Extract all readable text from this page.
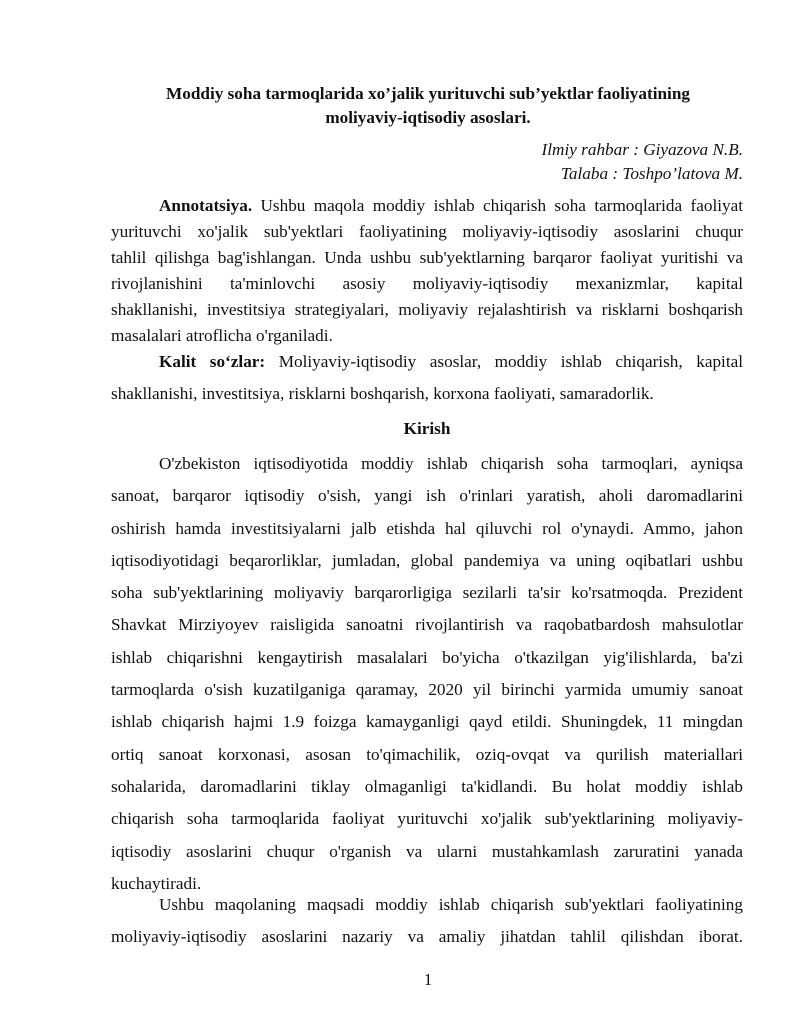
Moddiy soha tarmoqlarida xo’jalik yurituvchi sub’yektlar faoliyatining
moliyaviy-iqtisodiy asoslari.
Ilmiy rahbar : Giyazova N.B.
Talaba : Toshpo’latova M.
Annotatsiya. Ushbu maqola moddiy ishlab chiqarish soha tarmoqlarida faoliyat
yurituvchi xo'jalik sub'yektlari faoliyatining moliyaviy-iqtisodiy asoslarini chuqur
tahlil qilishga bag'ishlangan. Unda ushbu sub'yektlarning barqaror faoliyat yuritishi va
rivojlanishini ta'minlovchi asosiy moliyaviy-iqtisodiy mexanizmlar, kapital
shakllanishi, investitsiya strategiyalari, moliyaviy rejalashtirish va risklarni boshqarish
masalalari atroflicha o'rganiladi.
Kalit so‘zlar: Moliyaviy-iqtisodiy asoslar, moddiy ishlab chiqarish, kapital
shakllanishi, investitsiya, risklarni boshqarish, korxona faoliyati, samaradorlik.
Kirish
O'zbekiston iqtisodiyotida moddiy ishlab chiqarish soha tarmoqlari, ayniqsa
sanoat, barqaror iqtisodiy o'sish, yangi ish o'rinlari yaratish, aholi daromadlarini
oshirish hamda investitsiyalarni jalb etishda hal qiluvchi rol o'ynaydi. Ammo, jahon
iqtisodiyotidagi beqarorliklar, jumladan, global pandemiya va uning oqibatlari ushbu
soha sub'yektlarining moliyaviy barqarorligiga sezilarli ta'sir ko'rsatmoqda. Prezident
Shavkat Mirziyoyev raisligida sanoatni rivojlantirish va raqobatbardosh mahsulotlar
ishlab chiqarishni kengaytirish masalalari bo'yicha o'tkazilgan yig'ilishlarda, ba'zi
tarmoqlarda o'sish kuzatilganiga qaramay, 2020 yil birinchi yarmida umumiy sanoat
ishlab chiqarish hajmi 1.9 foizga kamayganligi qayd etildi. Shuningdek, 11 mingdan
ortiq sanoat korxonasi, asosan to'qimachilik, oziq-ovqat va qurilish materiallari
sohalarida, daromadlarini tiklay olmaganligi ta'kidlandi. Bu holat moddiy ishlab
chiqarish soha tarmoqlarida faoliyat yurituvchi xo'jalik sub'yektlarining moliyaviy-
iqtisodiy asoslarini chuqur o'rganish va ularni mustahkamlash zaruratini yanada
kuchaytiradi.
Ushbu maqolaning maqsadi moddiy ishlab chiqarish sub'yektlari faoliyatining
moliyaviy-iqtisodiy asoslarini nazariy va amaliy jihatdan tahlil qilishdan iborat.
1
